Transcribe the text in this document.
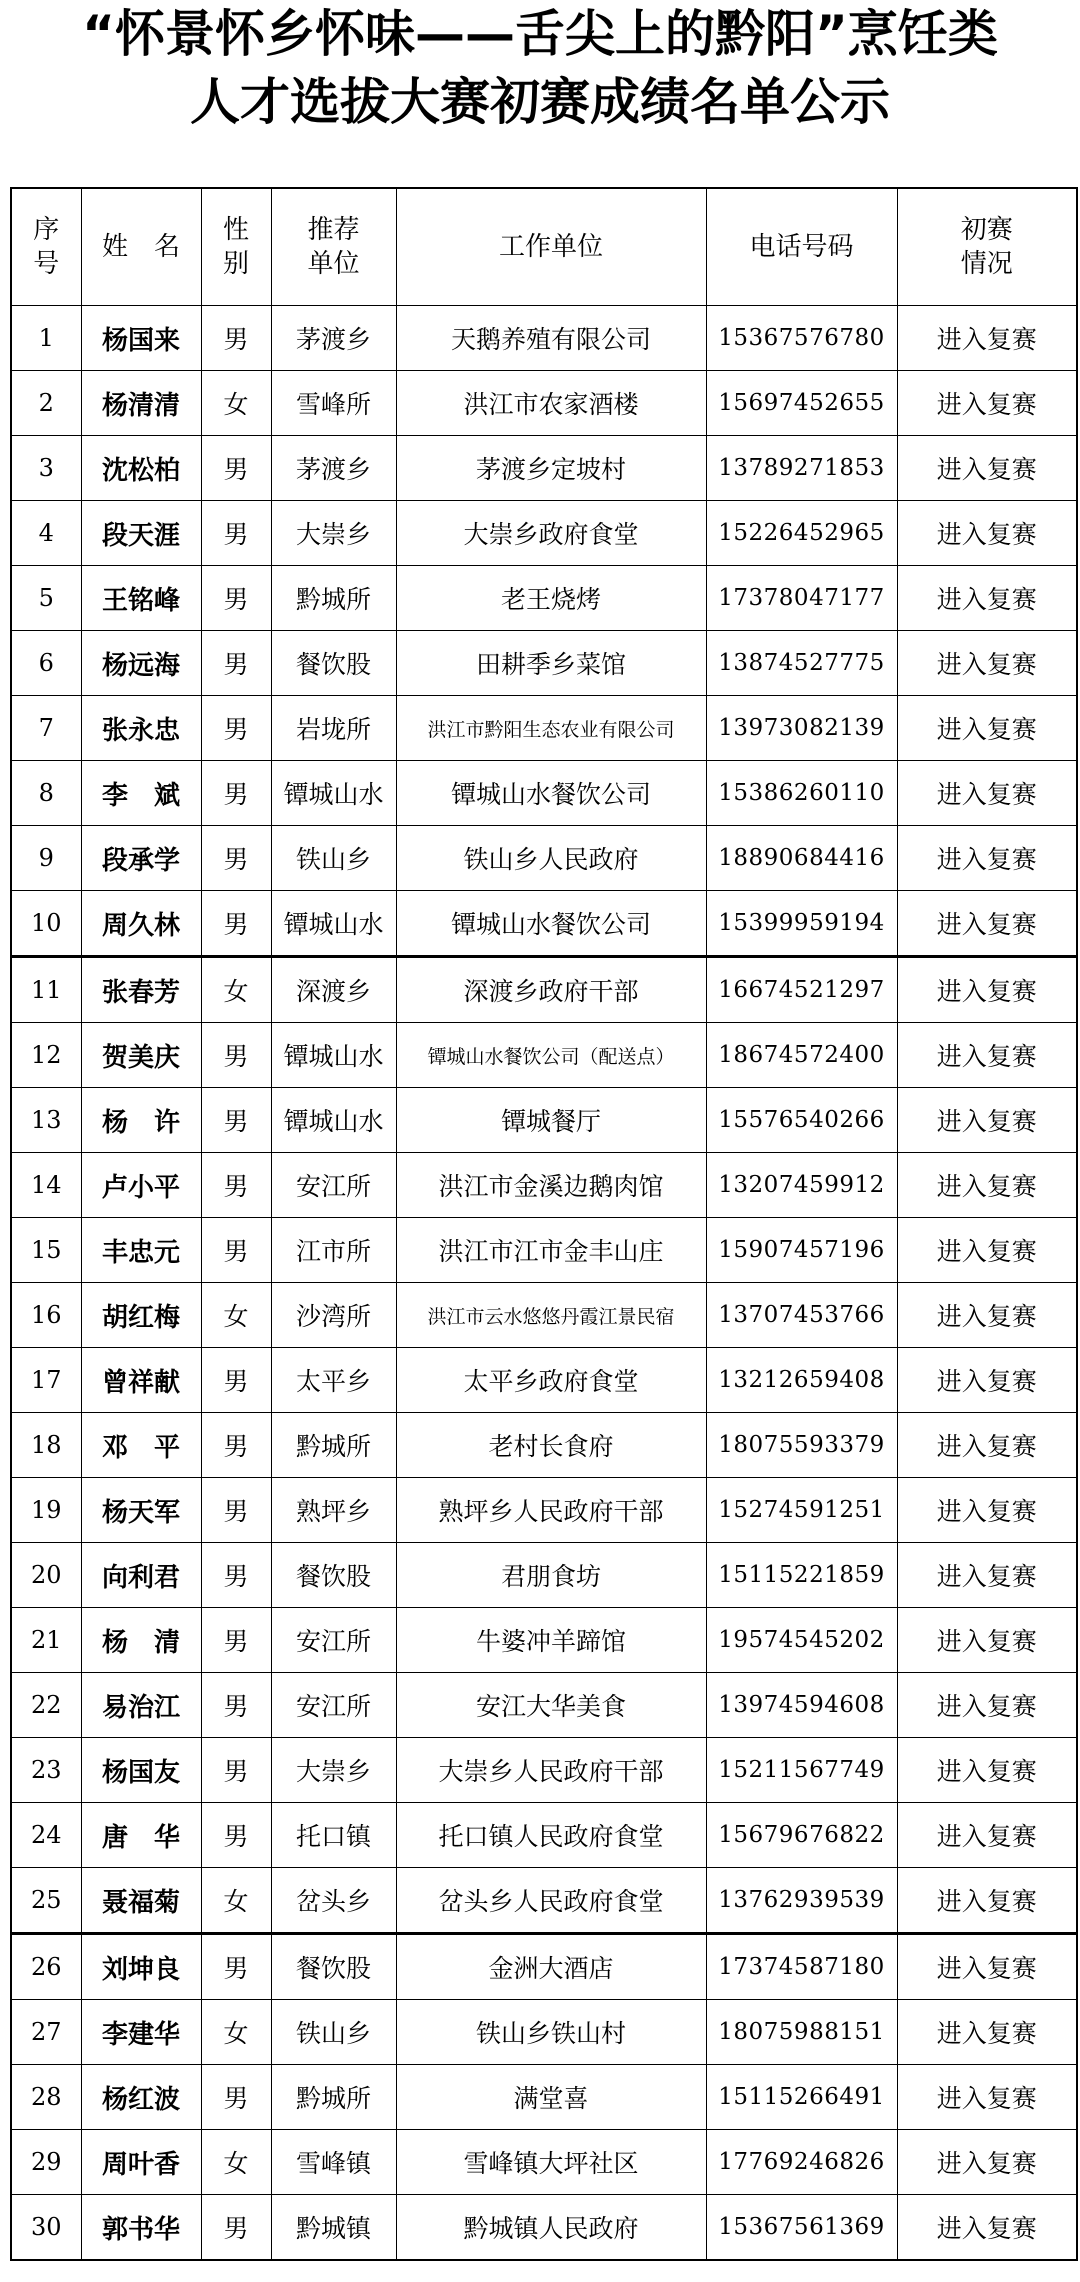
“怀景怀乡怀味——舌尖上的黔阳”烹饪类
人才选拔大赛初赛成绩名单公示
序号	姓　名	性别	推荐单位	工作单位	电话号码	初赛情况
1	杨国来	男	茅渡乡	天鹅养殖有限公司	15367576780	进入复赛
2	杨清清	女	雪峰所	洪江市农家酒楼	15697452655	进入复赛
3	沈松柏	男	茅渡乡	茅渡乡定坡村	13789271853	进入复赛
4	段天涯	男	大崇乡	大崇乡政府食堂	15226452965	进入复赛
5	王铭峰	男	黔城所	老王烧烤	17378047177	进入复赛
6	杨远海	男	餐饮股	田耕季乡菜馆	13874527775	进入复赛
7	张永忠	男	岩垅所	洪江市黔阳生态农业有限公司	13973082139	进入复赛
8	李　斌	男	镡城山水	镡城山水餐饮公司	15386260110	进入复赛
9	段承学	男	铁山乡	铁山乡人民政府	18890684416	进入复赛
10	周久林	男	镡城山水	镡城山水餐饮公司	15399959194	进入复赛
11	张春芳	女	深渡乡	深渡乡政府干部	16674521297	进入复赛
12	贺美庆	男	镡城山水	镡城山水餐饮公司（配送点）	18674572400	进入复赛
13	杨　许	男	镡城山水	镡城餐厅	15576540266	进入复赛
14	卢小平	男	安江所	洪江市金溪边鹅肉馆	13207459912	进入复赛
15	丰忠元	男	江市所	洪江市江市金丰山庄	15907457196	进入复赛
16	胡红梅	女	沙湾所	洪江市云水悠悠丹霞江景民宿	13707453766	进入复赛
17	曾祥献	男	太平乡	太平乡政府食堂	13212659408	进入复赛
18	邓　平	男	黔城所	老村长食府	18075593379	进入复赛
19	杨天军	男	熟坪乡	熟坪乡人民政府干部	15274591251	进入复赛
20	向利君	男	餐饮股	君朋食坊	15115221859	进入复赛
21	杨　清	男	安江所	牛婆冲羊蹄馆	19574545202	进入复赛
22	易治江	男	安江所	安江大华美食	13974594608	进入复赛
23	杨国友	男	大崇乡	大崇乡人民政府干部	15211567749	进入复赛
24	唐　华	男	托口镇	托口镇人民政府食堂	15679676822	进入复赛
25	聂福菊	女	岔头乡	岔头乡人民政府食堂	13762939539	进入复赛
26	刘坤良	男	餐饮股	金洲大酒店	17374587180	进入复赛
27	李建华	女	铁山乡	铁山乡铁山村	18075988151	进入复赛
28	杨红波	男	黔城所	满堂喜	15115266491	进入复赛
29	周叶香	女	雪峰镇	雪峰镇大坪社区	17769246826	进入复赛
30	郭书华	男	黔城镇	黔城镇人民政府	15367561369	进入复赛
